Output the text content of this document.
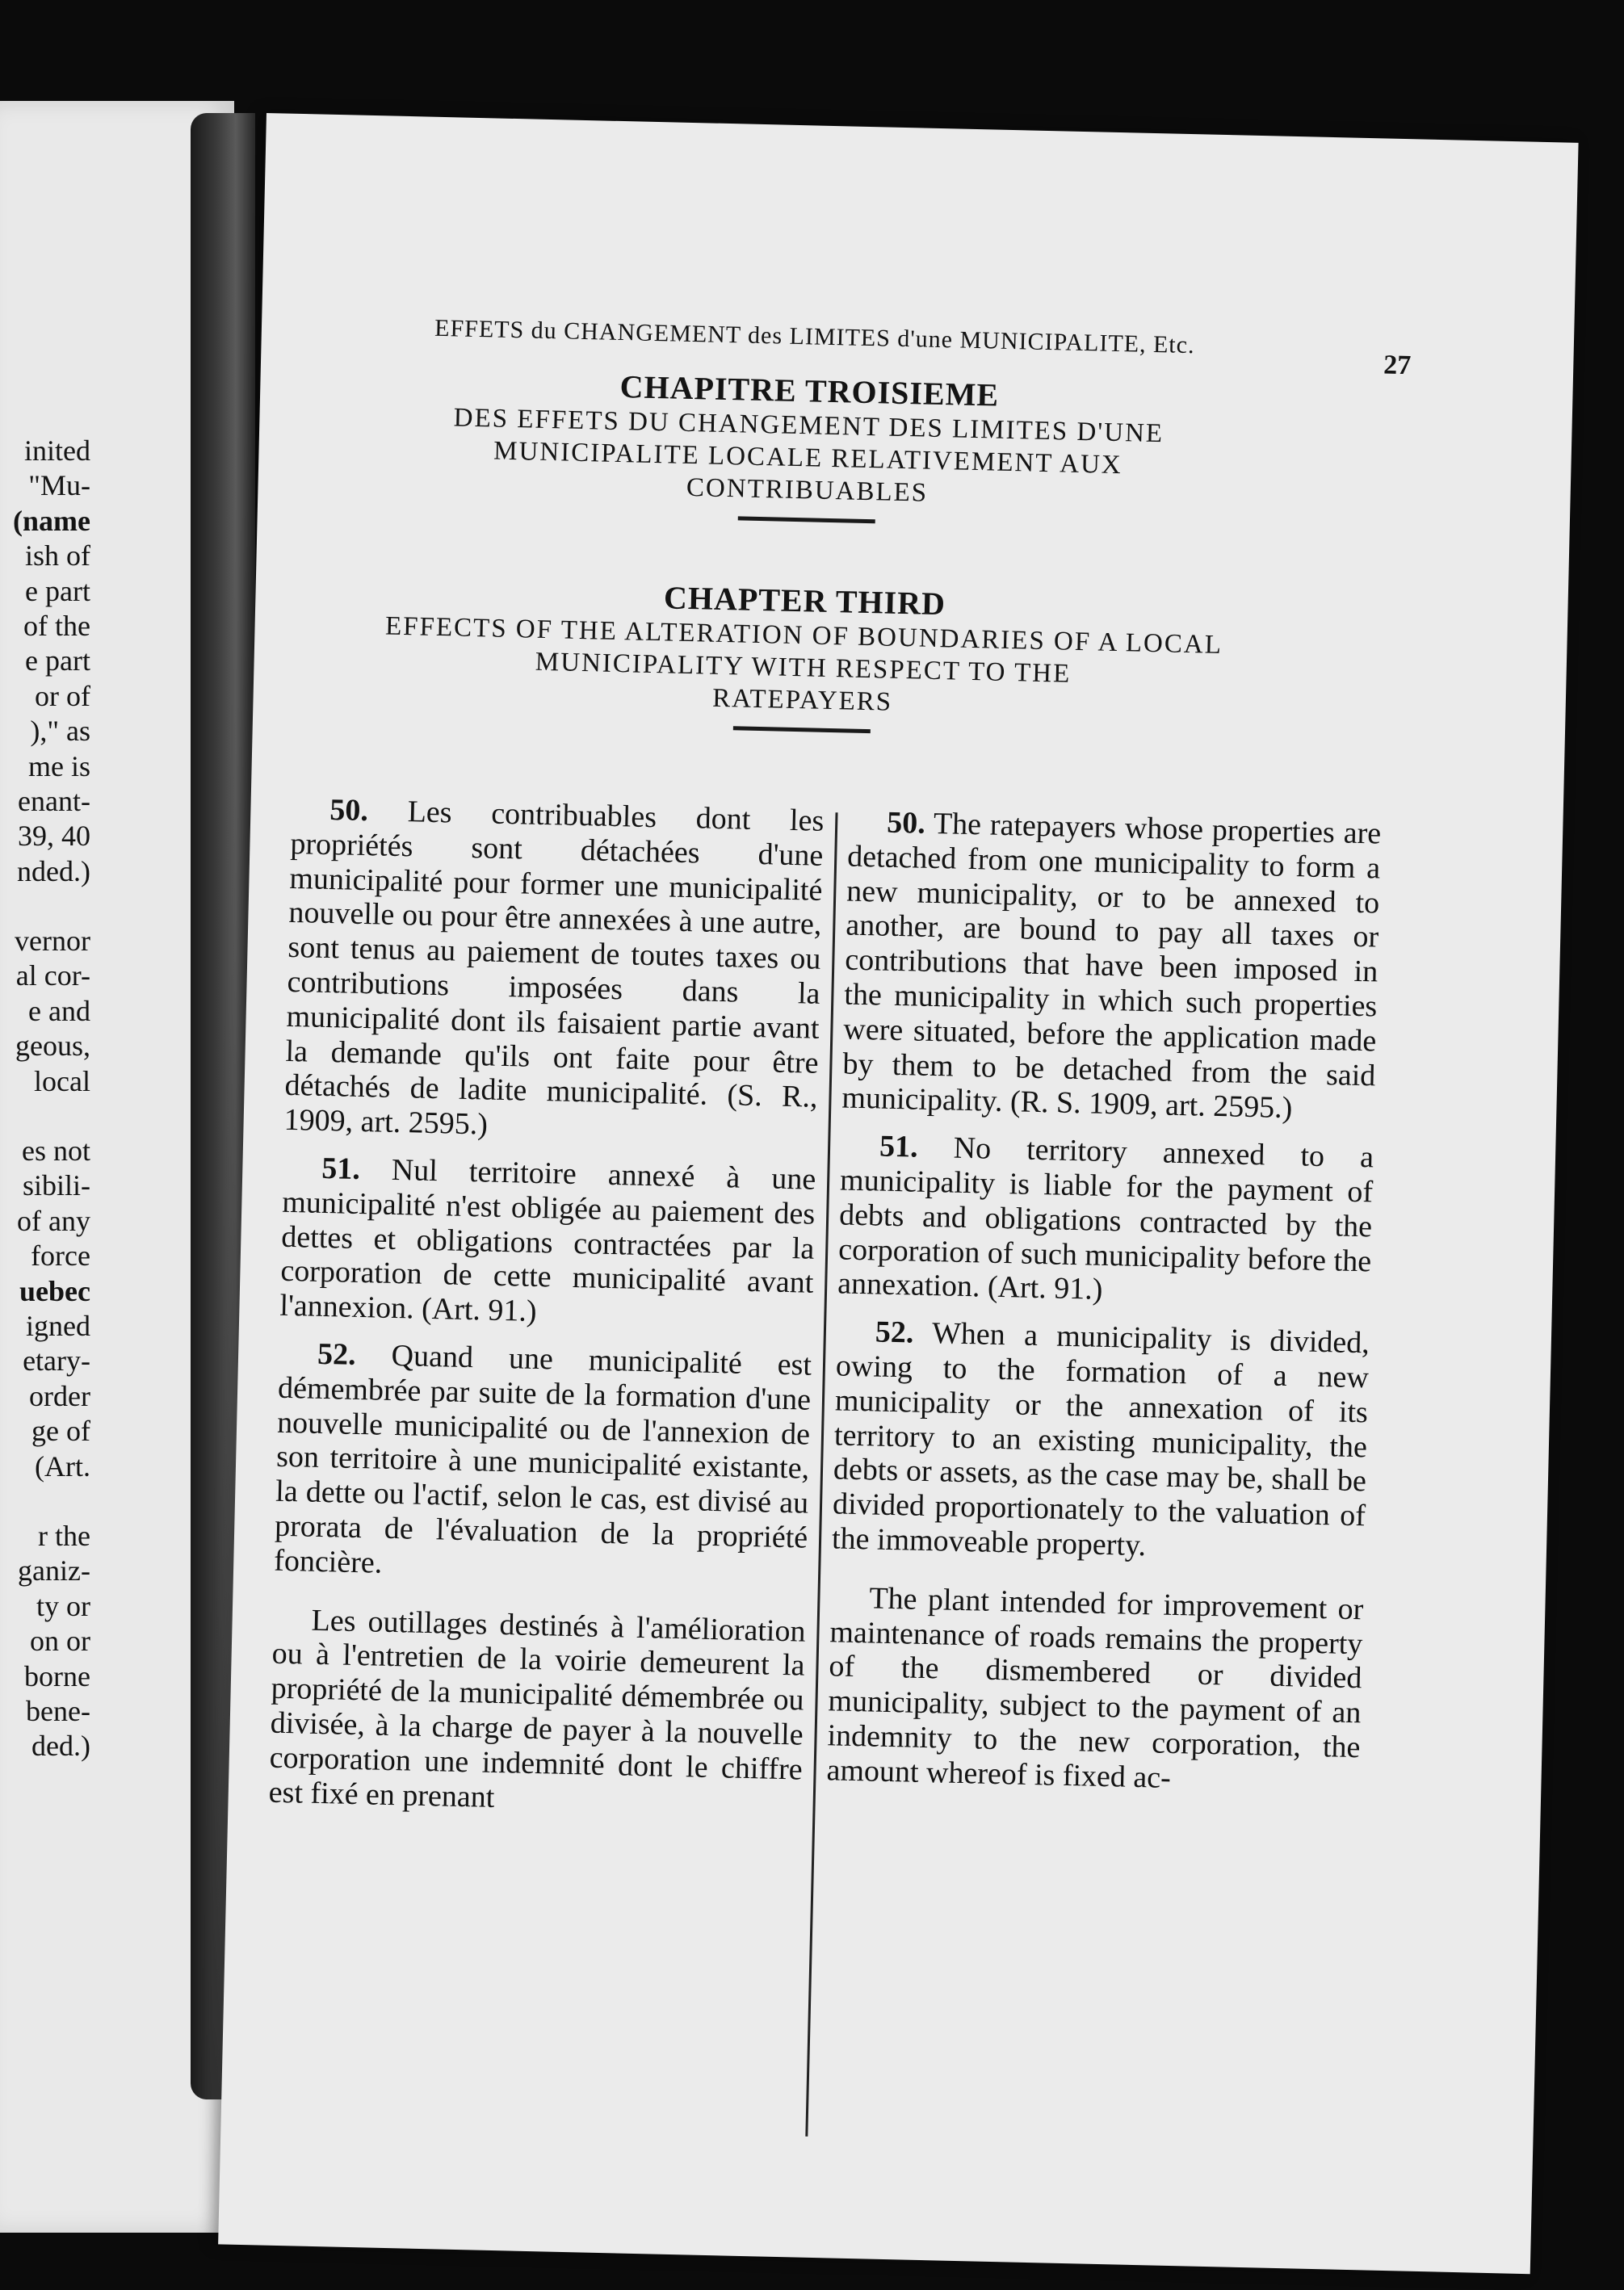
inited
"Mu-
(name
ish of
e part
of the
e part
or of
)," as
me is
enant-
39, 40
nded.)
vernor
al cor-
e and
geous,
local
es not
sibili-
of any
force
uebec
igned
etary-
order
ge of
(Art.
r the
ganiz-
ty or
on or
borne
bene-
ded.)
EFFETS du CHANGEMENT des LIMITES d'une MUNICIPALITE, Etc.
27
CHAPITRE TROISIEME
DES EFFETS DU CHANGEMENT DES LIMITES D'UNE
MUNICIPALITE LOCALE RELATIVEMENT AUX
CONTRIBUABLES
CHAPTER THIRD
EFFECTS OF THE ALTERATION OF BOUNDARIES OF A LOCAL
MUNICIPALITY WITH RESPECT TO THE
RATEPAYERS

50. Les contribuables dont les propriétés sont détachées d'une municipalité pour former une municipalité nouvelle ou pour être annexées à une autre, sont tenus au paiement de toutes taxes ou contributions imposées dans la municipalité dont ils faisaient partie avant la demande qu'ils ont faite pour être détachés de ladite municipalité. (S. R., 1909, art. 2595.)

51. Nul territoire annexé à une municipalité n'est obligée au paiement des dettes et obligations contractées par la corporation de cette municipalité avant l'annexion. (Art. 91.)

52. Quand une municipalité est démembrée par suite de la formation d'une nouvelle municipalité ou de l'annexion de son territoire à une municipalité existante, la dette ou l'actif, selon le cas, est divisé au prorata de l'évaluation de la propriété foncière.

Les outillages destinés à l'amélioration ou à l'entretien de la voirie demeurent la propriété de la municipalité démembrée ou divisée, à la charge de payer à la nouvelle corporation une indemnité dont le chiffre est fixé en prenant

50. The ratepayers whose properties are detached from one municipality to form a new municipality, or to be annexed to another, are bound to pay all taxes or contributions that have been imposed in the municipality in which such properties were situated, before the application made by them to be detached from the said municipality. (R. S. 1909, art. 2595.)

51. No territory annexed to a municipality is liable for the payment of debts and obligations contracted by the corporation of such municipality before the annexation. (Art. 91.)

52. When a municipality is divided, owing to the formation of a new municipality or the annexation of its territory to an existing municipality, the debts or assets, as the case may be, shall be divided proportionately to the valuation of the immoveable property.

The plant intended for improvement or maintenance of roads remains the property of the dismembered or divided municipality, subject to the payment of an indemnity to the new corporation, the amount whereof is fixed ac-
